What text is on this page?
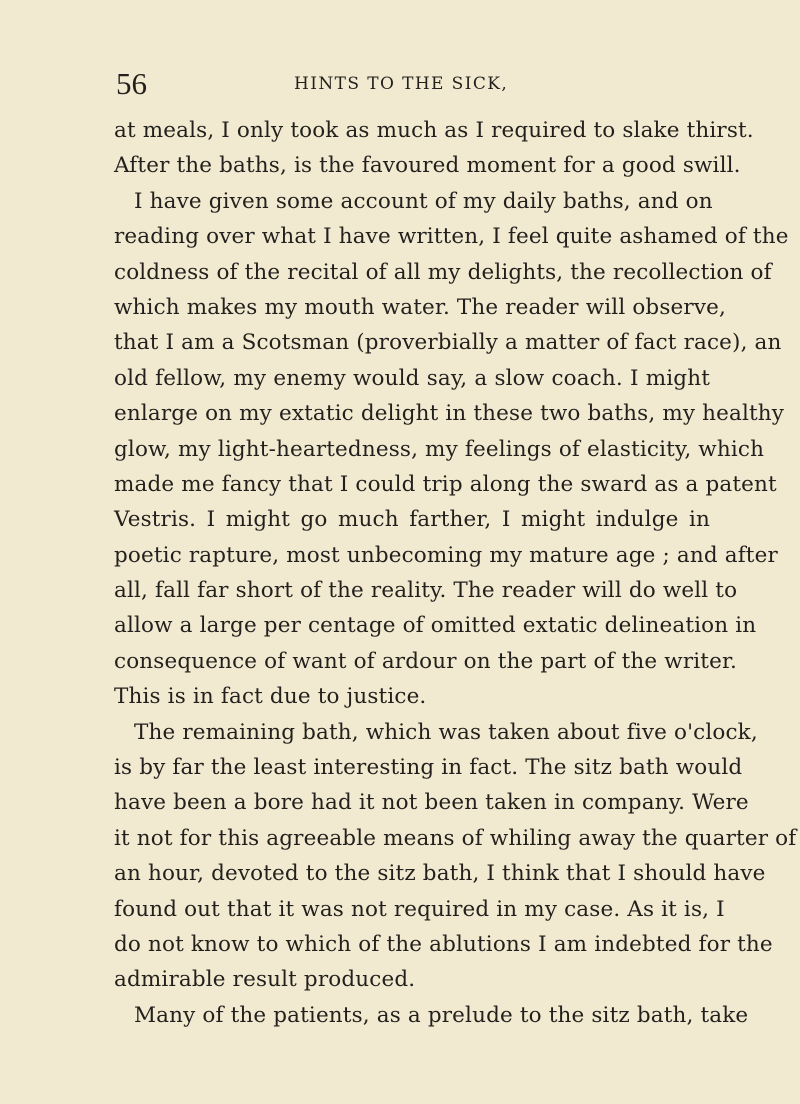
56	HINTS TO THE SICK,
at meals, I only took as much as I required to slake thirst.
After the baths, is the favoured moment for a good swill.
I have given some account of my daily baths, and on
reading over what I have written, I feel quite ashamed of the
coldness of the recital of all my delights, the recollection of
which makes my mouth water. The reader will observe,
that I am a Scotsman (proverbially a matter of fact race), an
old fellow, my enemy would say, a slow coach. I might
enlarge on my extatic delight in these two baths, my healthy
glow, my light-heartedness, my feelings of elasticity, which
made me fancy that I could trip along the sward as a patent
Vestris. I might go much farther, I might indulge in
poetic rapture, most unbecoming my mature age ; and after
all, fall far short of the reality. The reader will do well to
allow a large per centage of omitted extatic delineation in
consequence of want of ardour on the part of the writer.
This is in fact due to justice.
The remaining bath, which was taken about five o'clock,
is by far the least interesting in fact. The sitz bath would
have been a bore had it not been taken in company. Were
it not for this agreeable means of whiling away the quarter of
an hour, devoted to the sitz bath, I think that I should have
found out that it was not required in my case. As it is, I
do not know to which of the ablutions I am indebted for the
admirable result produced.
Many of the patients, as a prelude to the sitz bath, take
